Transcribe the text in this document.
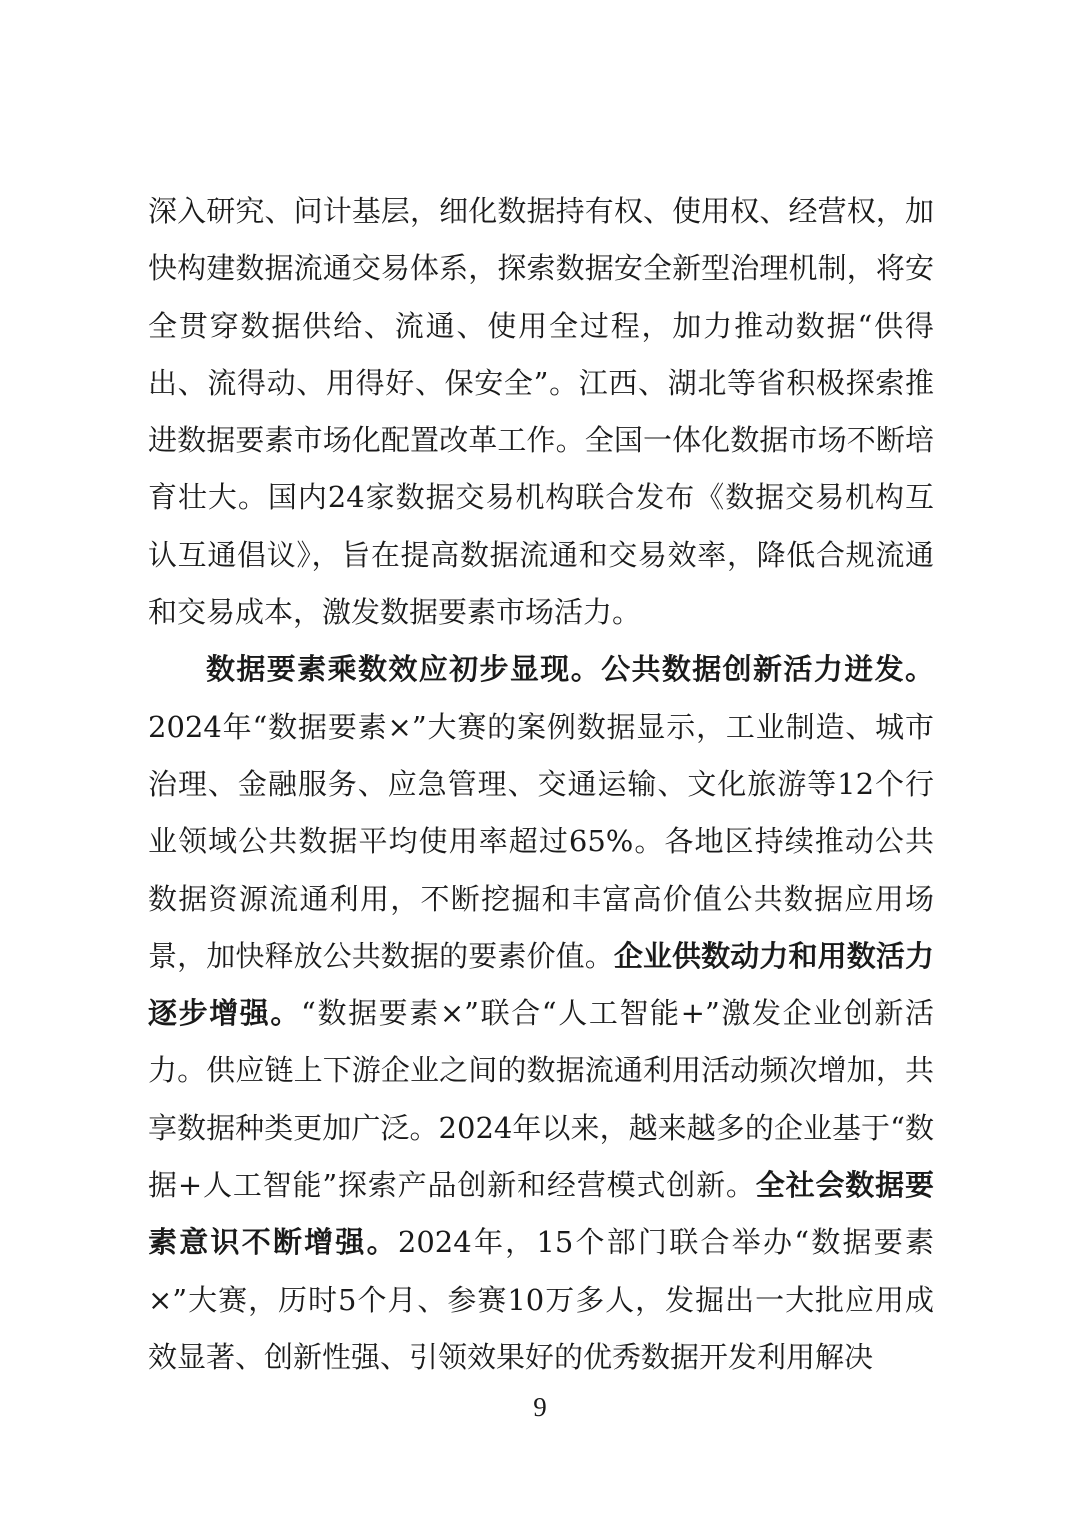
深入研究、问计基层，细化数据持有权、使用权、经营权，加快构建数据流通交易体系，探索数据安全新型治理机制，将安全贯穿数据供给、流通、使用全过程，加力推动数据“供得出、流得动、用得好、保安全”。江西、湖北等省积极探索推进数据要素市场化配置改革工作。全国一体化数据市场不断培育壮大。国内24家数据交易机构联合发布《数据交易机构互认互通倡议》，旨在提高数据流通和交易效率，降低合规流通和交易成本，激发数据要素市场活力。

数据要素乘数效应初步显现。公共数据创新活力迸发。2024年“数据要素×”大赛的案例数据显示，工业制造、城市治理、金融服务、应急管理、交通运输、文化旅游等12个行业领域公共数据平均使用率超过65%。各地区持续推动公共数据资源流通利用，不断挖掘和丰富高价值公共数据应用场景，加快释放公共数据的要素价值。企业供数动力和用数活力逐步增强。“数据要素×”联合“人工智能+”激发企业创新活力。供应链上下游企业之间的数据流通利用活动频次增加，共享数据种类更加广泛。2024年以来，越来越多的企业基于“数据+人工智能”探索产品创新和经营模式创新。全社会数据要素意识不断增强。2024年，15个部门联合举办“数据要素×”大赛，历时5个月、参赛10万多人，发掘出一大批应用成效显著、创新性强、引领效果好的优秀数据开发利用解决

9
